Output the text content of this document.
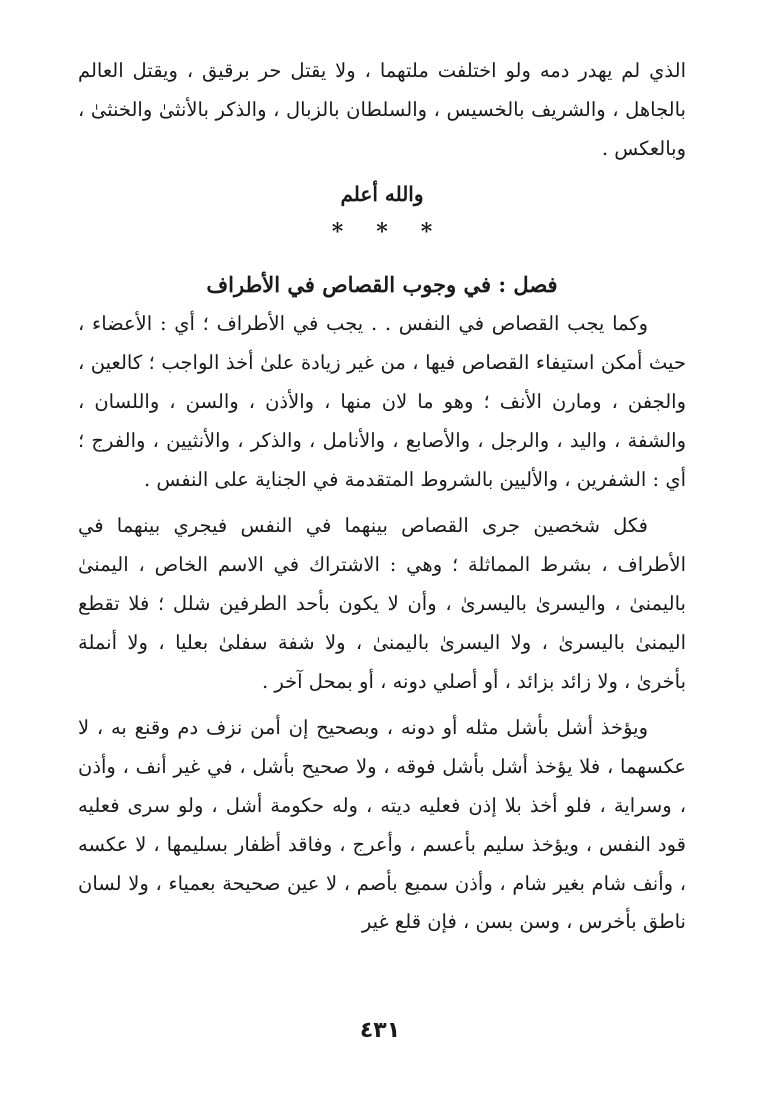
الذي لم يهدر دمه ولو اختلفت ملتهما ، ولا يقتل حر برقيق ، ويقتل العالم بالجاهل ، والشريف بالخسيس ، والسلطان بالزبال ، والذكر بالأنثىٰ والخنثىٰ ، وبالعكس .

والله أعلم
* * *
فصل : في وجوب القصاص في الأطراف

وكما يجب القصاص في النفس . . يجب في الأطراف ؛ أي : الأعضاء ، حيث أمكن استيفاء القصاص فيها ، من غير زيادة علىٰ أخذ الواجب ؛ كالعين ، والجفن ، ومارن الأنف ؛ وهو ما لان منها ، والأذن ، والسن ، واللسان ، والشفة ، واليد ، والرجل ، والأصابع ، والأنامل ، والذكر ، والأنثيين ، والفرج ؛ أي : الشفرين ، والأليين بالشروط المتقدمة في الجناية على النفس .

فكل شخصين جرى القصاص بينهما في النفس فيجري بينهما في الأطراف ، بشرط المماثلة ؛ وهي : الاشتراك في الاسم الخاص ، اليمنىٰ باليمنىٰ ، واليسرىٰ باليسرىٰ ، وأن لا يكون بأحد الطرفين شلل ؛ فلا تقطع اليمنىٰ باليسرىٰ ، ولا اليسرىٰ باليمنىٰ ، ولا شفة سفلىٰ بعليا ، ولا أنملة بأخرىٰ ، ولا زائد بزائد ، أو أصلي دونه ، أو بمحل آخر .

ويؤخذ أشل بأشل مثله أو دونه ، وبصحيح إن أمن نزف دم وقنع به ، لا عكسهما ، فلا يؤخذ أشل بأشل فوقه ، ولا صحيح بأشل ، في غير أنف ، وأذن ، وسراية ، فلو أخذ بلا إذن فعليه ديته ، وله حكومة أشل ، ولو سرى فعليه قود النفس ، ويؤخذ سليم بأعسم ، وأعرج ، وفاقد أظفار بسليمها ، لا عكسه ، وأنف شام بغير شام ، وأذن سميع بأصم ، لا عين صحيحة بعمياء ، ولا لسان ناطق بأخرس ، وسن بسن ، فإن قلع غير

٤٣١
